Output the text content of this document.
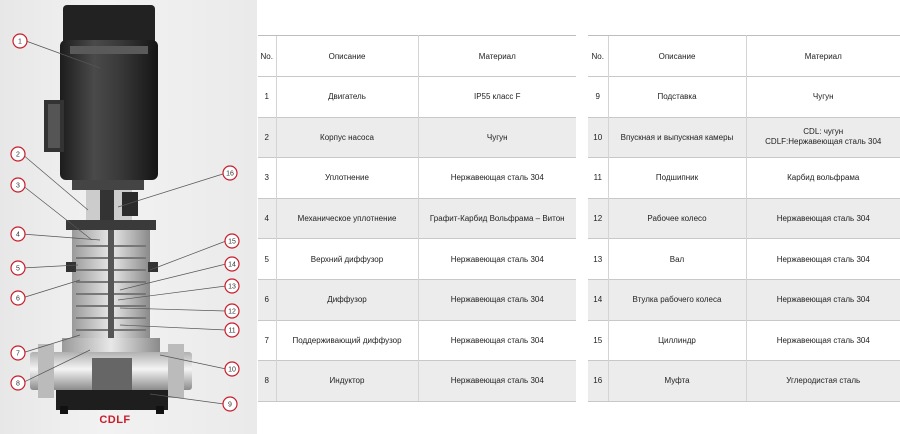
1
2
3
4
5
6
7
8
9
10
11
12
13
14
15
16
CDLF
No.	Описание	Материал
1	Двигатель	IP55 класс F
2	Корпус насоса	Чугун
3	Уплотнение	Нержавеющая сталь 304
4	Механическое уплотнение	Графит-Карбид Вольфрама – Витон
5	Верхний диффузор	Нержавеющая сталь 304
6	Диффузор	Нержавеющая сталь 304
7	Поддерживающий диффузор	Нержавеющая сталь 304
8	Индуктор	Нержавеющая сталь 304
No.	Описание	Материал
9	Подставка	Чугун
10	Впускная и выпускная камеры	CDL: чугун
CDLF:Нержавеющая сталь 304

11	Подшипник	Карбид вольфрама
12	Рабочее колесо	Нержавеющая сталь 304
13	Вал	Нержавеющая сталь 304
14	Втулка рабочего колеса	Нержавеющая сталь 304
15	Циллиндр	Нержавеющая сталь 304
16	Муфта	Углеродистая сталь
